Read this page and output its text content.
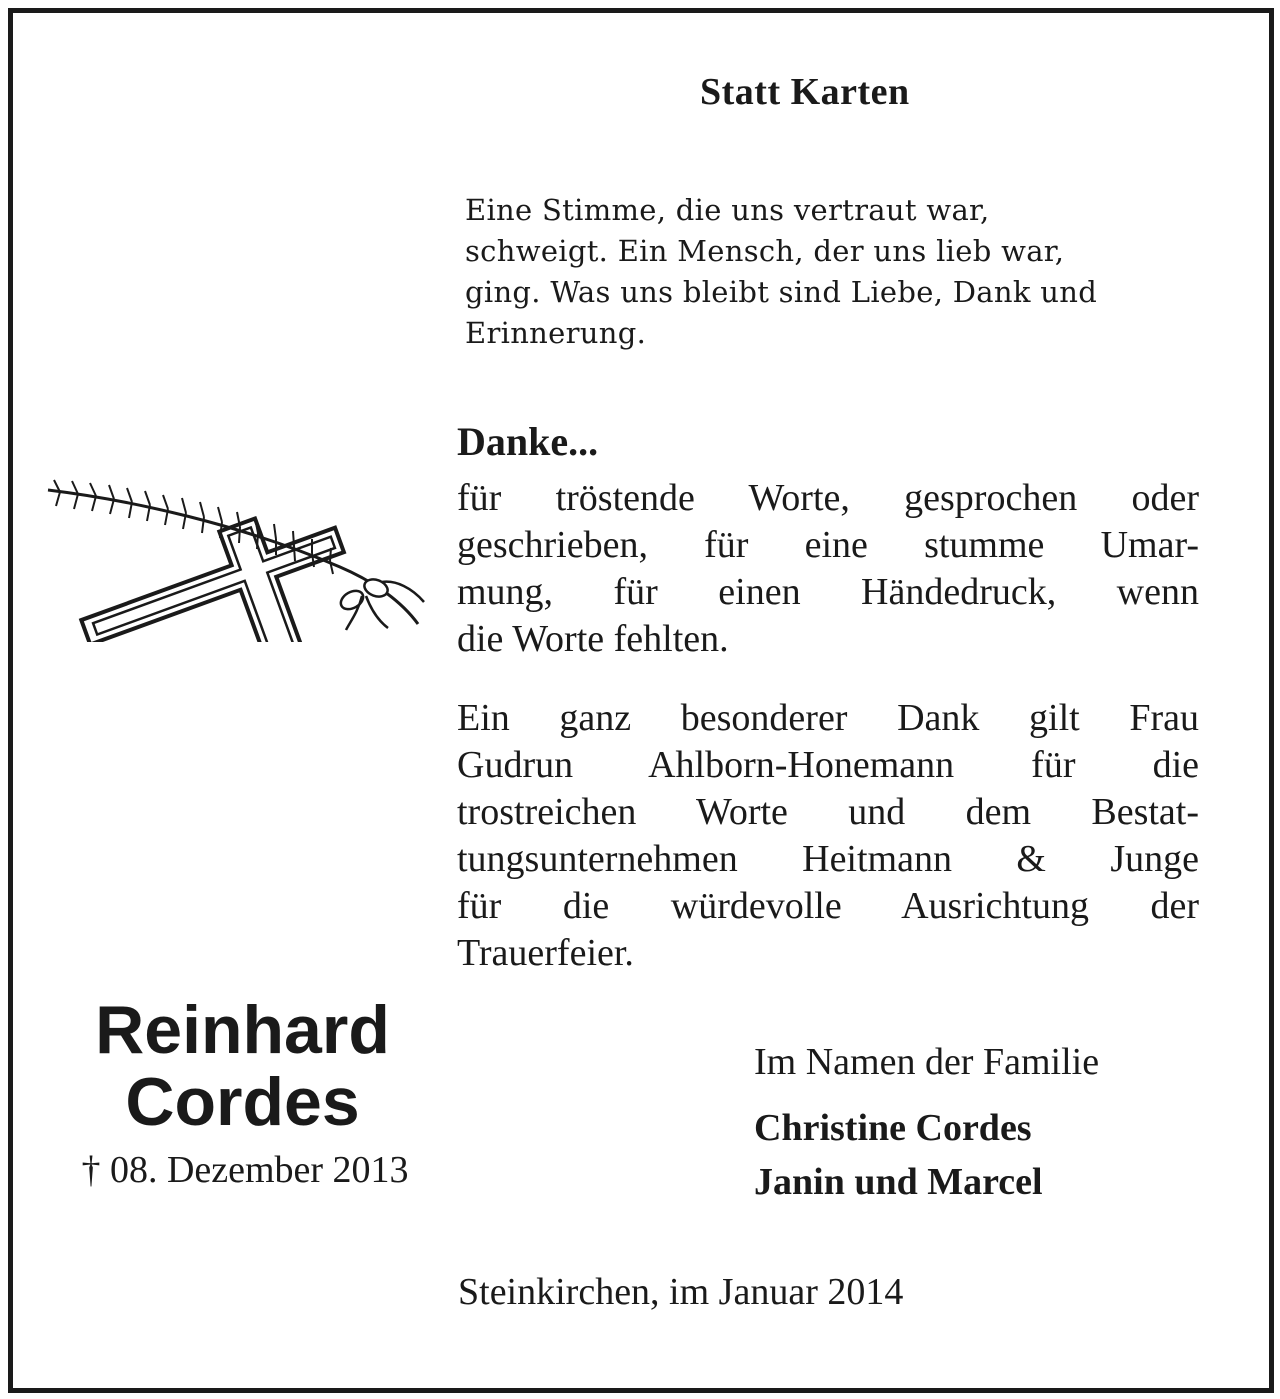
Statt Karten
Eine Stimme, die uns vertraut war,
schweigt. Ein Mensch, der uns lieb war,
ging. Was uns bleibt sind Liebe, Dank und
Erinnerung.
Danke...
für tröstende Worte, gesprochen oder
geschrieben, für eine stumme Umar-
mung, für einen Händedruck, wenn
die Worte fehlten.
Ein ganz besonderer Dank gilt Frau
Gudrun Ahlborn-Honemann für die
trostreichen Worte und dem Bestat-
tungsunternehmen Heitmann & Junge
für die würdevolle Ausrichtung der
Trauerfeier.
Reinhard
Cordes
† 08. Dezember 2013
Im Namen der Familie
Christine Cordes
Janin und Marcel
Steinkirchen, im Januar 2014
